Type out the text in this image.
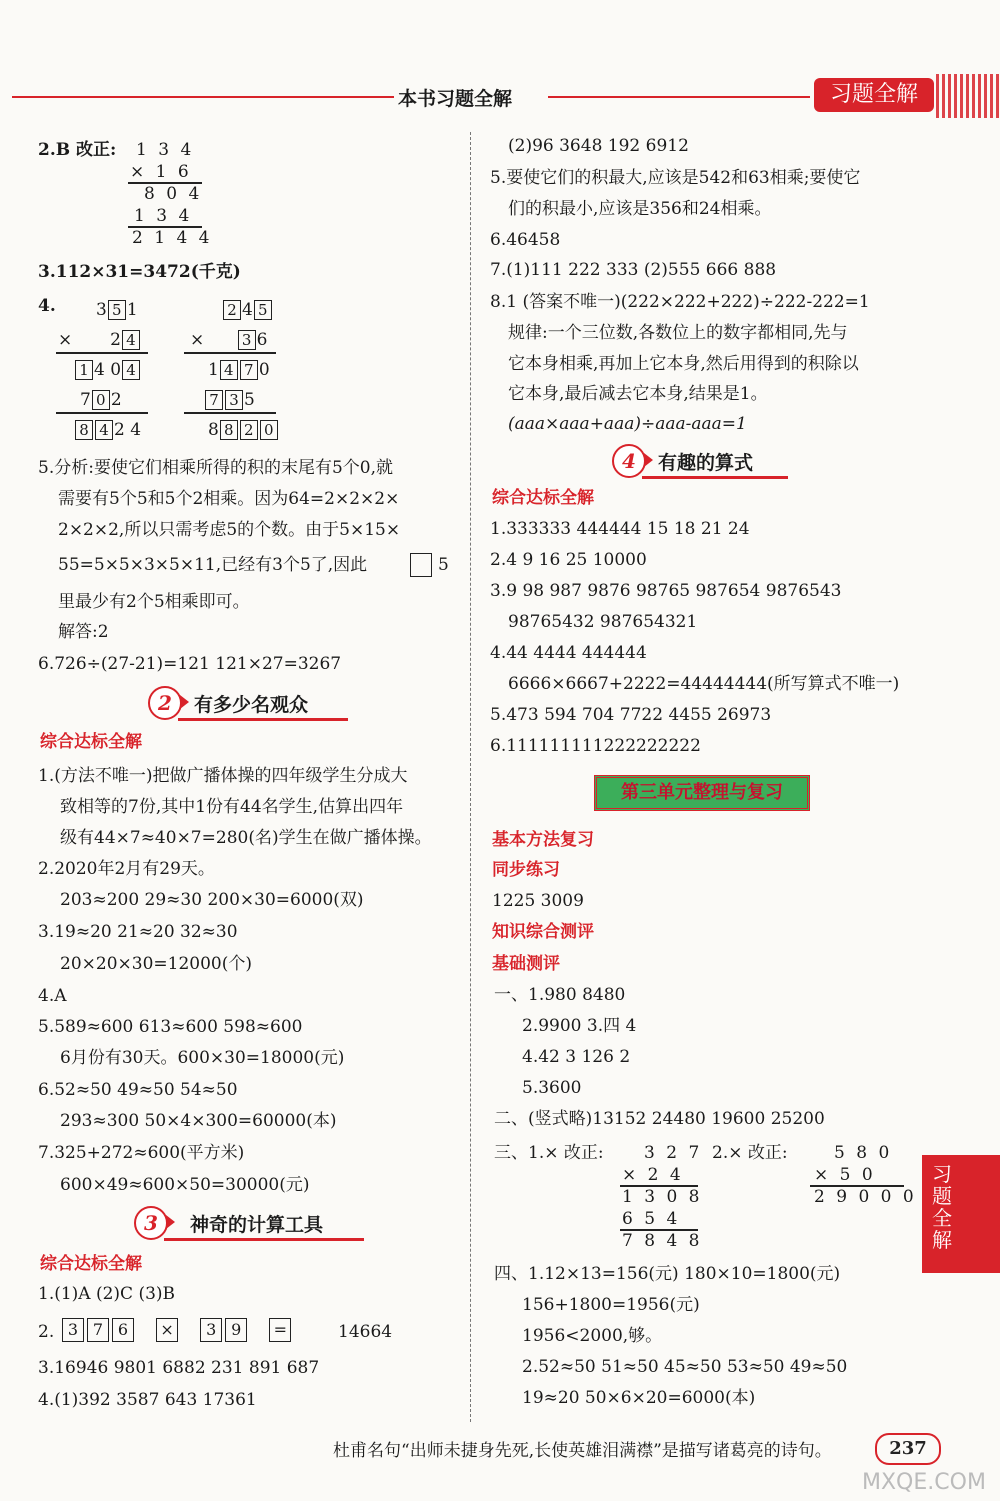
本书习题全解	习题全解
2.B 改正: 1 3 4
× 1 6
8 0 4
1 3 4
2 1 4 4
3.112×31=3472(千克)
4. 3 5 1
×       2 4
1 4 0 4
7 0 2
8 4 2 4
2 4 5
×      3 6
1 4 7 0
7 3 5
8 8 2 0
5.分析:要使它们相乘所得的积的末尾有5个0,就
需要有5个5和5个2相乘。因为64=2×2×2×
2×2×2,所以只需考虑5的个数。由于5×15×
55=5×5×3×5×11,已经有3个5了,因此	5
里最少有2个5相乘即可。
解答:2
6.726÷(27-21)=121 121×27=3267
2	有多少名观众
综合达标全解
1.(方法不唯一)把做广播体操的四年级学生分成大
致相等的7份,其中1份有44名学生,估算出四年
级有44×7≈40×7=280(名)学生在做广播体操。
2.2020年2月有29天。
203≈200 29≈30 200×30=6000(双)
3.19≈20 21≈20 32≈30
20×20×30=12000(个)
4.A
5.589≈600 613≈600 598≈600
6月份有30天。600×30=18000(元)
6.52≈50 49≈50 54≈50
293≈300 50×4×300=60000(本)
7.325+272≈600(平方米)
600×49≈600×50=30000(元)
3	神奇的计算工具
综合达标全解
1.(1)A (2)C (3)B
2. 3 7 6 × 3 9 =	14664
3.16946 9801 6882 231 891 687
4.(1)392 3587 643 17361
(2)96 3648 192 6912
5.要使它们的积最大,应该是542和63相乘;要使它
们的积最小,应该是356和24相乘。
6.46458
7.(1)111 222 333 (2)555 666 888
8.1 (答案不唯一)(222×222+222)÷222-222=1
规律:一个三位数,各数位上的数字都相同,先与
它本身相乘,再加上它本身,然后用得到的积除以
它本身,最后减去它本身,结果是1。
(aaa×aaa+aaa)÷aaa-aaa=1
4	有趣的算式
综合达标全解
1.333333 444444 15 18 21 24
2.4 9 16 25 10000
3.9 98 987 9876 98765 987654 9876543
98765432 987654321
4.44 4444 444444
6666×6667+2222=44444444(所写算式不唯一)
5.473 594 704 7722 4455 26973
6.111111111222222222
第三单元整理与复习
基本方法复习
同步练习
1225 3009
知识综合测评
基础测评
一、1.980 8480
2.9900 3.四 4
4.42 3 126 2
5.3600
二、(竖式略)13152 24480 19600 25200
三、1.× 改正: 3 2 7
× 2 4
1 3 0 8
6 5 4
7 8 4 8
2.× 改正:	5 8 0
× 5 0
2 9 0 0 0
四、1.12×13=156(元) 180×10=1800(元)
156+1800=1956(元)
1956<2000,够。
2.52≈50 51≈50 45≈50 53≈50 49≈50
19≈20 50×6×20=6000(本)
习题全解
杜甫名句“出师未捷身先死,长使英雄泪满襟”是描写诸葛亮的诗句。	237
MXQE.COM
